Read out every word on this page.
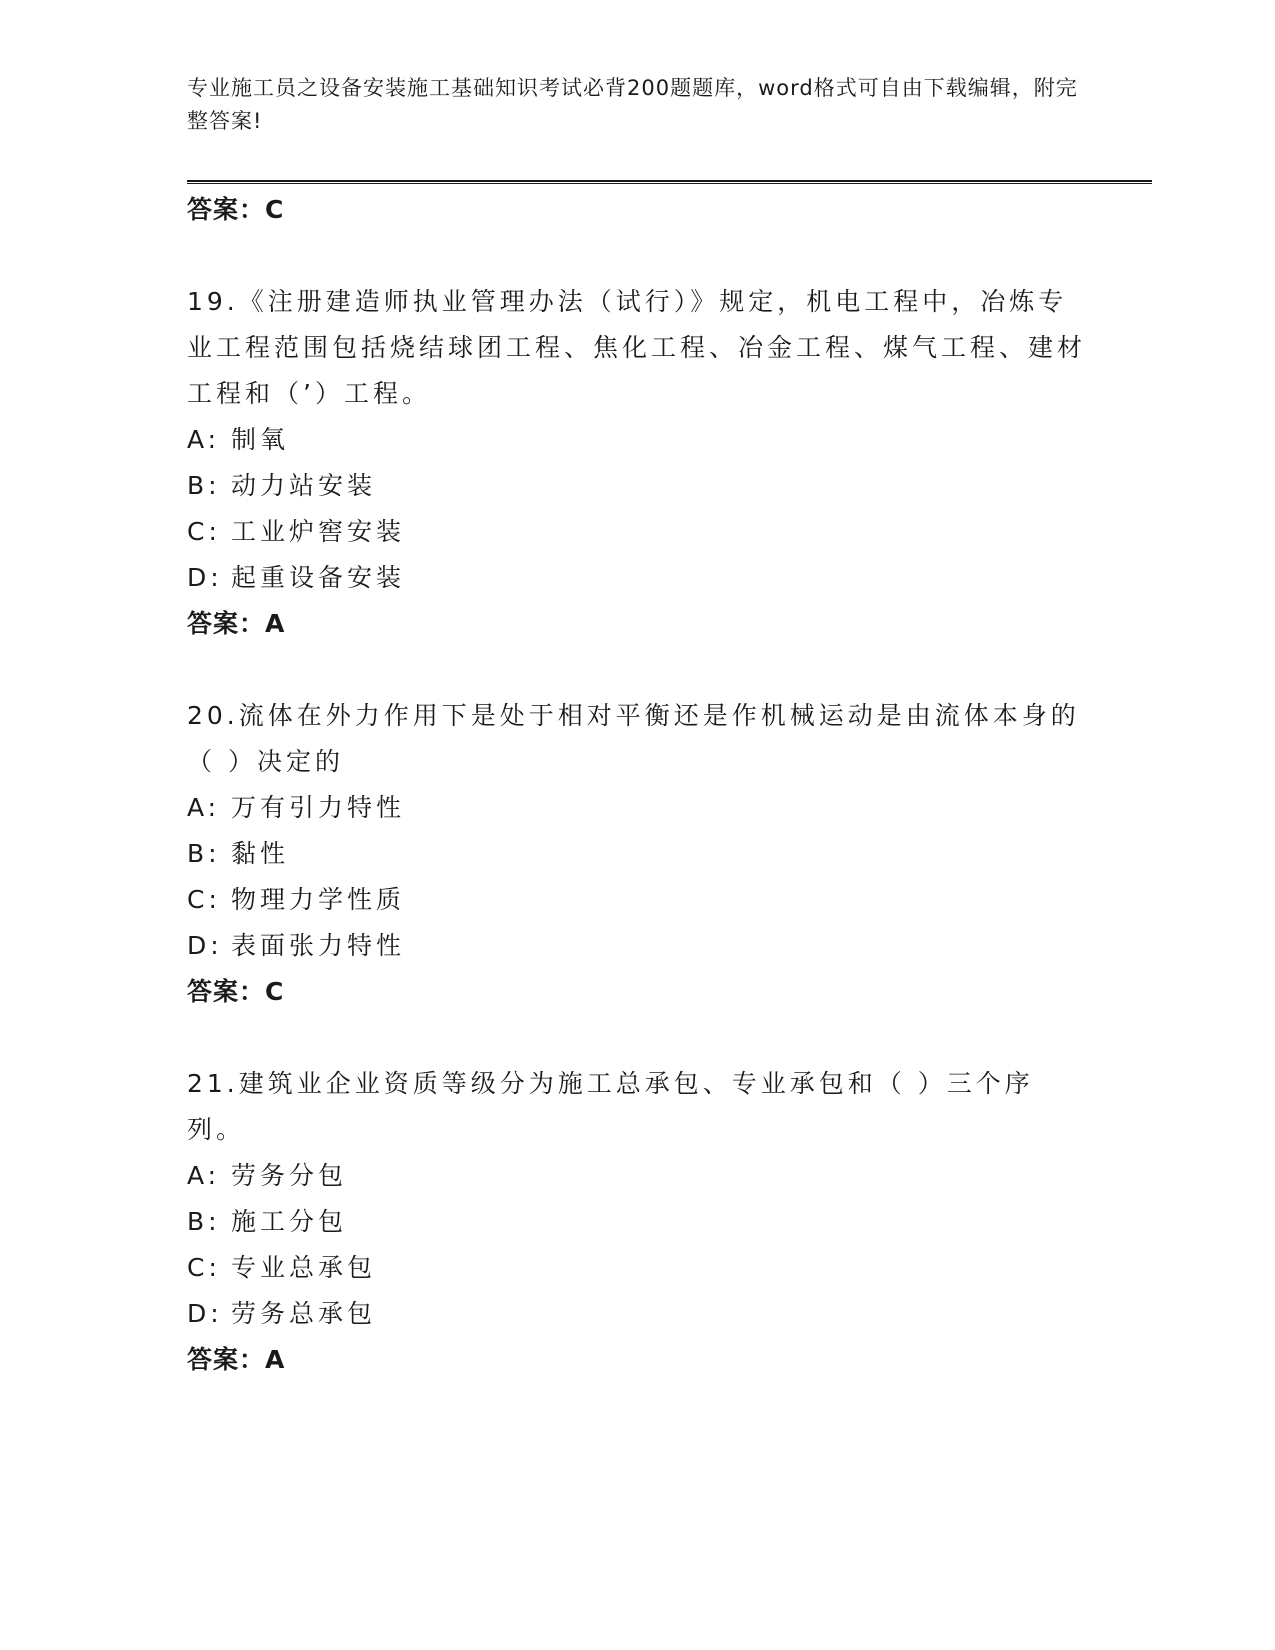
专业施工员之设备安装施工基础知识考试必背200题题库，word格式可自由下载编辑，附完整答案!
答案：C
19.《注册建造师执业管理办法（试行）》规定，机电工程中，冶炼专业工程范围包括烧结球团工程、焦化工程、冶金工程、煤气工程、建材工程和（’）工程。
A: 制氧
B: 动力站安装
C: 工业炉窖安装
D: 起重设备安装
答案：A
20.流体在外力作用下是处于相对平衡还是作机械运动是由流体本身的（ ）决定的
A: 万有引力特性
B: 黏性
C: 物理力学性质
D: 表面张力特性
答案：C
21.建筑业企业资质等级分为施工总承包、专业承包和（ ）三个序列。
A: 劳务分包
B: 施工分包
C: 专业总承包
D: 劳务总承包
答案：A
